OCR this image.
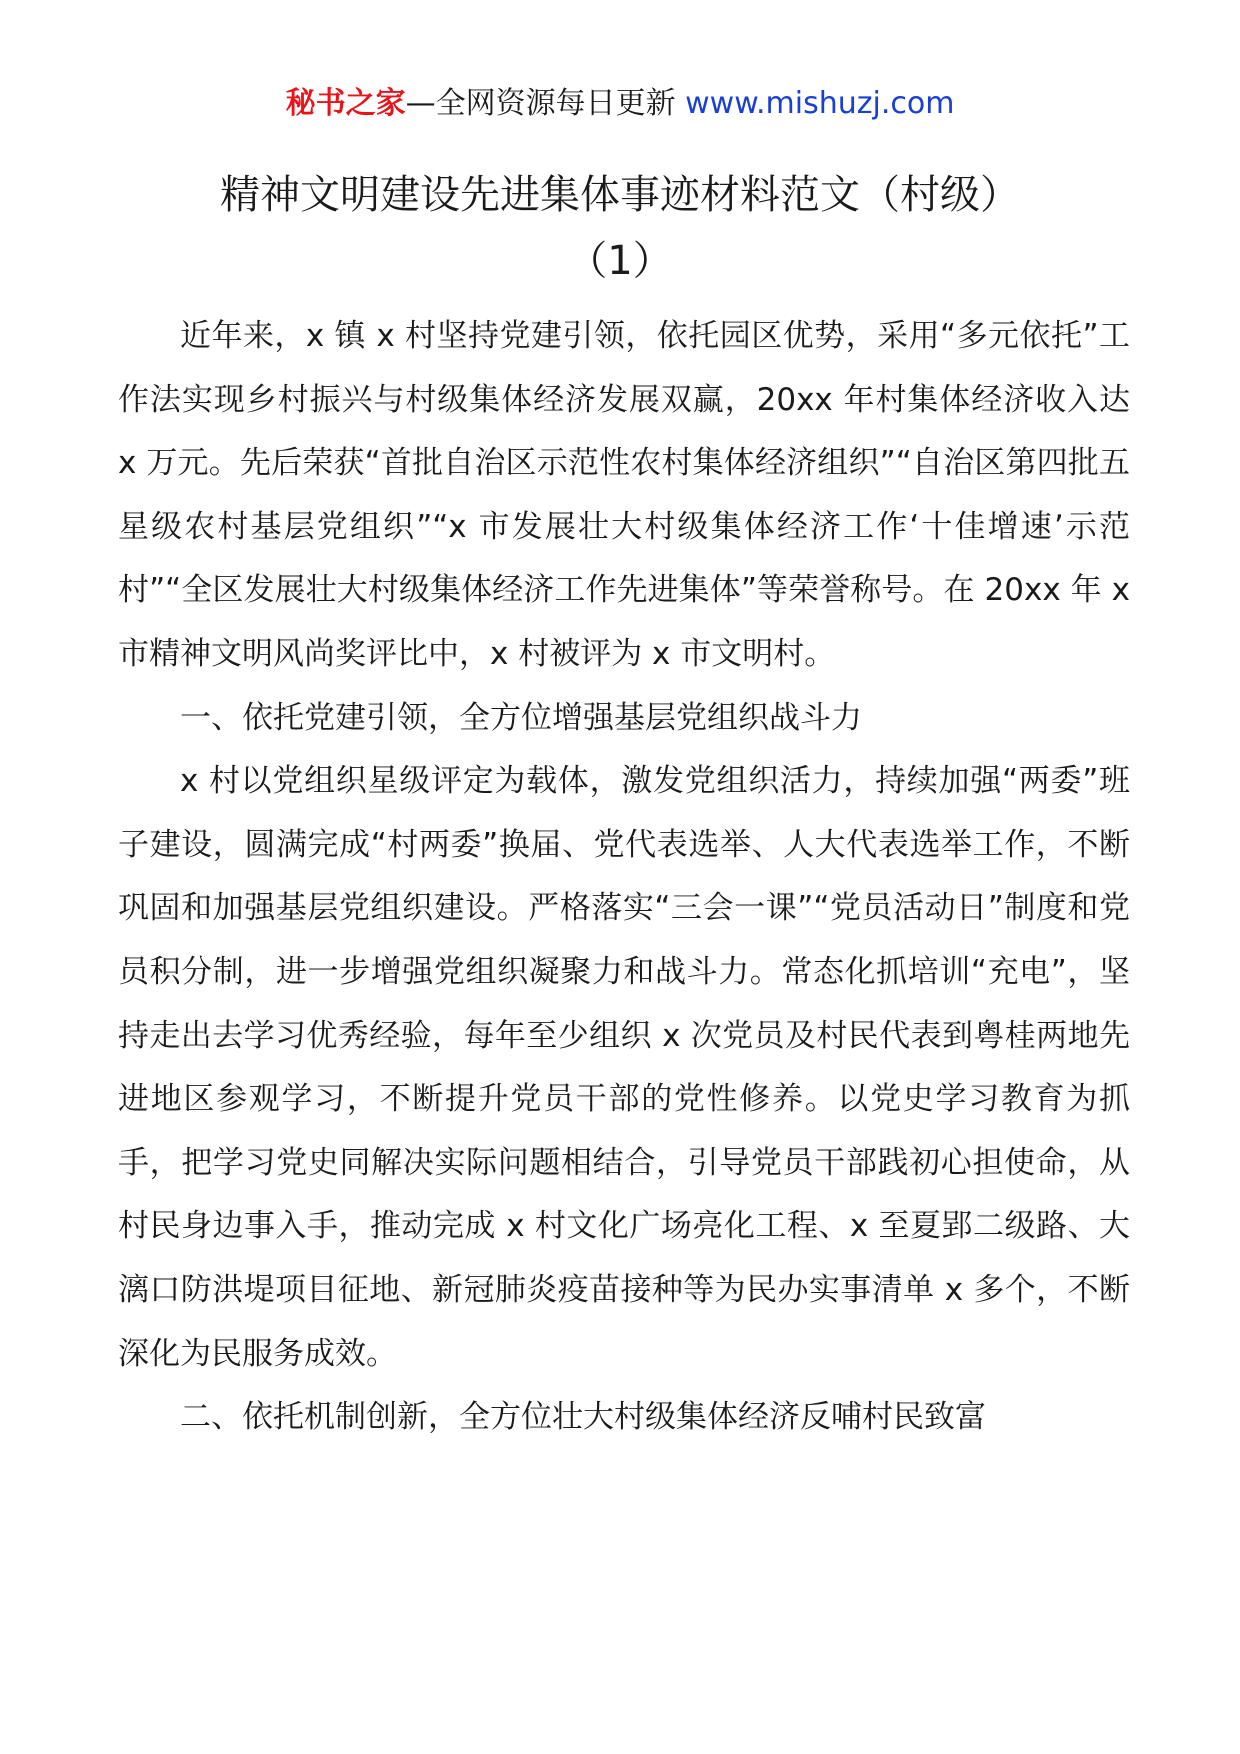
秘书之家—全网资源每日更新 www.mishuzj.com
精神文明建设先进集体事迹材料范文（村级）
（1）

近年来，x 镇 x 村坚持党建引领，依托园区优势，采用“多元依托”工作法实现乡村振兴与村级集体经济发展双赢，20xx 年村集体经济收入达 x 万元。先后荣获“首批自治区示范性农村集体经济组织”“自治区第四批五星级农村基层党组织”“x 市发展壮大村级集体经济工作‘十佳增速’示范村”“全区发展壮大村级集体经济工作先进集体”等荣誉称号。在 20xx 年 x 市精神文明风尚奖评比中，x 村被评为 x 市文明村。

一、依托党建引领，全方位增强基层党组织战斗力

x 村以党组织星级评定为载体，激发党组织活力，持续加强“两委”班子建设，圆满完成“村两委”换届、党代表选举、人大代表选举工作，不断巩固和加强基层党组织建设。严格落实“三会一课”“党员活动日”制度和党员积分制，进一步增强党组织凝聚力和战斗力。常态化抓培训“充电”，坚持走出去学习优秀经验，每年至少组织 x 次党员及村民代表到粤桂两地先进地区参观学习，不断提升党员干部的党性修养。以党史学习教育为抓手，把学习党史同解决实际问题相结合，引导党员干部践初心担使命，从村民身边事入手，推动完成 x 村文化广场亮化工程、x 至夏郢二级路、大漓口防洪堤项目征地、新冠肺炎疫苗接种等为民办实事清单 x 多个，不断深化为民服务成效。

二、依托机制创新，全方位壮大村级集体经济反哺村民致富
